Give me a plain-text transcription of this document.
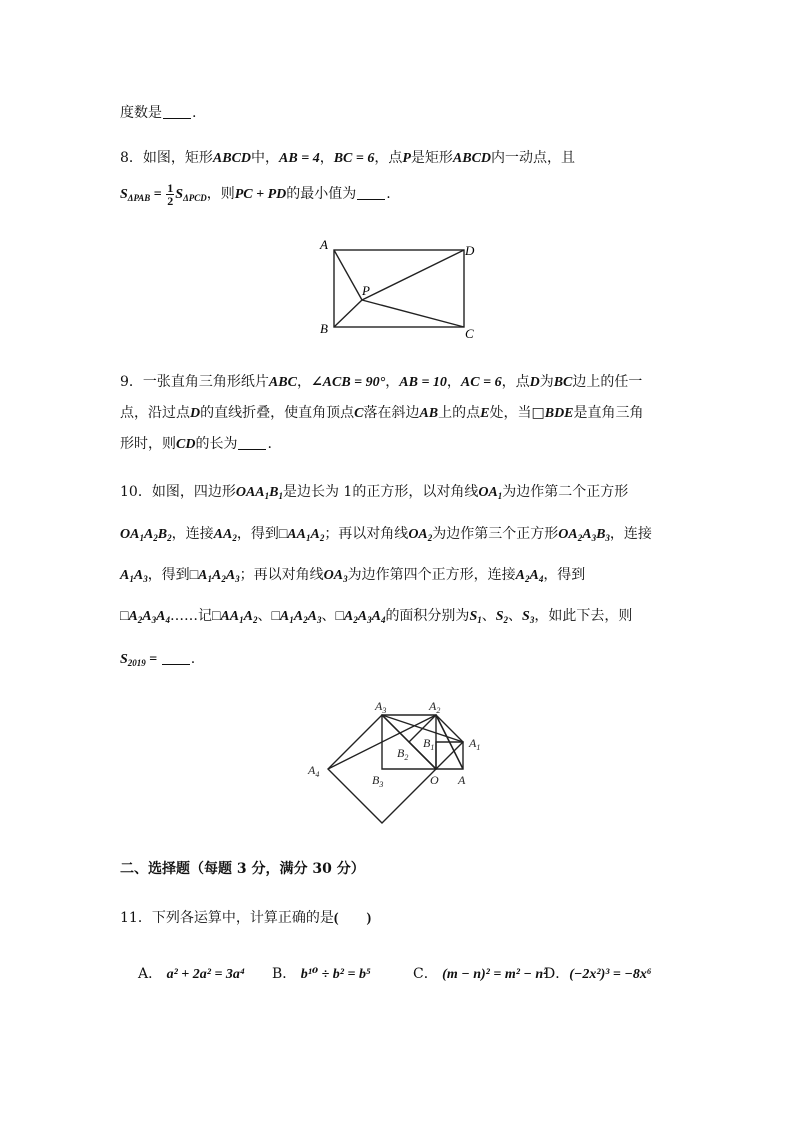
度数是 .
8．如图，矩形ABCD中，AB = 4，BC = 6，点P是矩形ABCD内一动点，且
$S_{\Delta PAB} = \frac{1}{2} S_{\Delta PCD}$，则PC + PD的最小值为 .
A
B	C
D
P
9．一张直角三角形纸片ABC，∠ACB = 90°，AB = 10，AC = 6，点D为BC边上的任一
点，沿过点D的直线折叠，使直角顶点C落在斜边AB上的点E处，当□BDE是直角三角
形时，则CD的长为 .
10．如图，四边形$OAA_1B_1$是边长为 1的正方形，以对角线$OA_1$为边作第二个正方形
$OA_1A_2B_2$，连接$AA_2$，得到$□AA_1A_2$；再以对角线$OA_2$为边作第三个正方形$OA_2A_3B_3$，连接
$A_1A_3$，得到$□A_1A_2A_3$；再以对角线$OA_3$为边作第四个正方形，连接$A_2A_4$，得到
$□A_2A_3A_4\dots\dots$记$□AA_1A_2$、$□A_1A_2A_3$、$□A_2A_3A_4$的面积分别为$S_1$、$S_2$、$S_3$，如此下去，则
$S_{2019}$ = .
$A_3$	$A_2$
$A_1$
A
O
$B_1$
$B_2$
$B_3$
$A_4$
二、选择题（每题 3 分，满分 30 分）
11．下列各运算中，计算正确的是(　　)
A． a² + 2a² = 3a⁴ B． b¹⁰ ÷ b² = b⁵	C． (m − n)² = m² − n²
D．(−2x²)³ = −8x⁶
